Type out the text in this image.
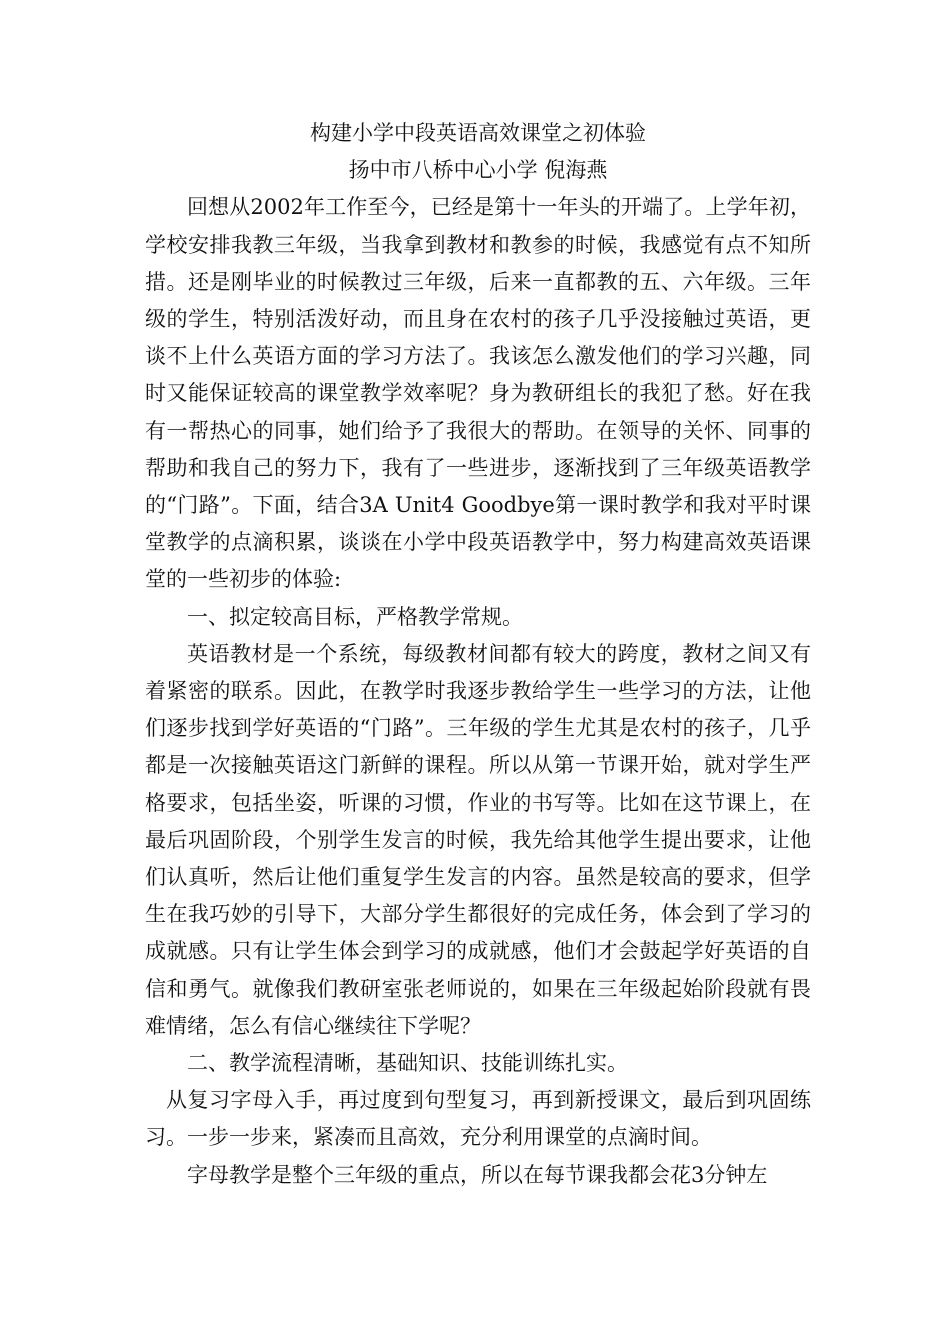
构建小学中段英语高效课堂之初体验

扬中市八桥中心小学 倪海燕

回想从2002年工作至今，已经是第十一年头的开端了。上学年初，学校安排我教三年级，当我拿到教材和教参的时候，我感觉有点不知所措。还是刚毕业的时候教过三年级，后来一直都教的五、六年级。三年级的学生，特别活泼好动，而且身在农村的孩子几乎没接触过英语，更谈不上什么英语方面的学习方法了。我该怎么激发他们的学习兴趣，同时又能保证较高的课堂教学效率呢？身为教研组长的我犯了愁。好在我有一帮热心的同事，她们给予了我很大的帮助。在领导的关怀、同事的帮助和我自己的努力下，我有了一些进步，逐渐找到了三年级英语教学的“门路”。下面，结合3A Unit4 Goodbye第一课时教学和我对平时课堂教学的点滴积累，谈谈在小学中段英语教学中，努力构建高效英语课堂的一些初步的体验:

一、拟定较高目标，严格教学常规。

英语教材是一个系统，每级教材间都有较大的跨度，教材之间又有着紧密的联系。因此，在教学时我逐步教给学生一些学习的方法，让他们逐步找到学好英语的“门路”。三年级的学生尤其是农村的孩子，几乎都是一次接触英语这门新鲜的课程。所以从第一节课开始，就对学生严格要求，包括坐姿，听课的习惯，作业的书写等。比如在这节课上，在最后巩固阶段，个别学生发言的时候，我先给其他学生提出要求，让他们认真听，然后让他们重复学生发言的内容。虽然是较高的要求，但学生在我巧妙的引导下，大部分学生都很好的完成任务，体会到了学习的成就感。只有让学生体会到学习的成就感，他们才会鼓起学好英语的自信和勇气。就像我们教研室张老师说的，如果在三年级起始阶段就有畏难情绪，怎么有信心继续往下学呢？

二、教学流程清晰，基础知识、技能训练扎实。

从复习字母入手，再过度到句型复习，再到新授课文，最后到巩固练习。一步一步来，紧凑而且高效，充分利用课堂的点滴时间。

字母教学是整个三年级的重点，所以在每节课我都会花3分钟左
